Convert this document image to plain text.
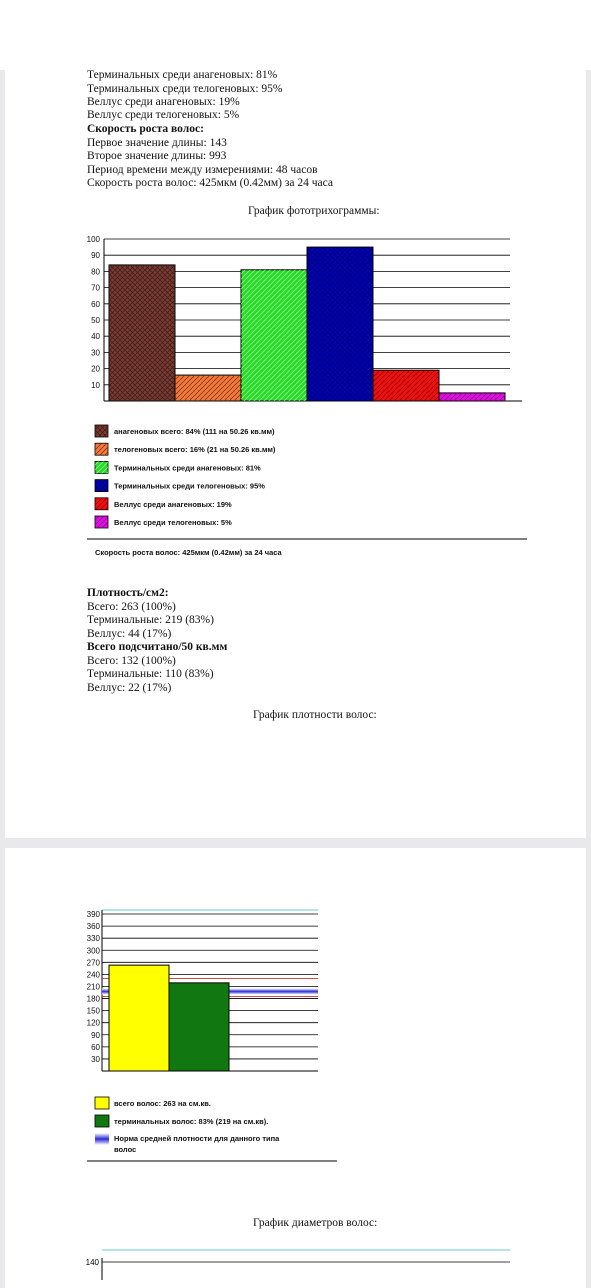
Терминальных среди анагеновых: 81%
Терминальных среди телогеновых: 95%
Веллус среди анагеновых: 19%
Веллус среди телогеновых: 5%
Скорость роста волос:
Первое значение длины: 143
Второе значение длины: 993
Период времени между измерениями: 48 часов
Скорость роста волос: 425мкм (0.42мм) за 24 часа
График фототрихограммы:
10
20
30
40
50
60
70
80
90
100
анагеновых всего: 84% (111 на 50.26 кв.мм)
телогеновых всего: 16% (21 на 50.26 кв.мм)
Терминальных среди анагеновых: 81%
Терминальных среди телогеновых: 95%
Веллус среди анагеновых: 19%
Веллус среди телогеновых: 5%
Скорость роста волос: 425мкм (0.42мм) за 24 часа
Плотность/см2:
Всего: 263 (100%)
Терминальные: 219 (83%)
Веллус: 44 (17%)
Всего подсчитано/50 кв.мм
Всего: 132 (100%)
Терминальные: 110 (83%)
Веллус: 22 (17%)
График плотности волос:
30
60
90
120
150
180
210
240
270
300
330
360
390
всего волос: 263 на см.кв.
терминальных волос: 83% (219 на см.кв).
Норма средней плотности для данного типа
волос
График диаметров волос:
140
